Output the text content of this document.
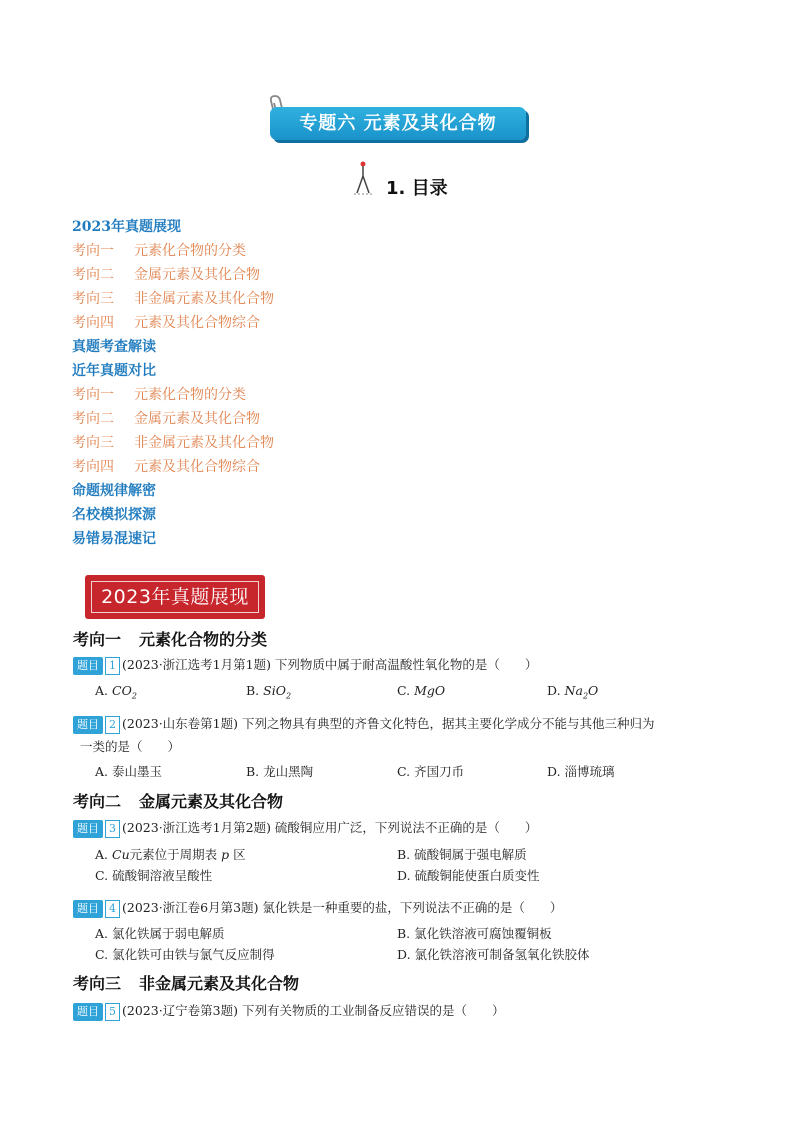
专题六 元素及其化合物
1. 目录
2023年真题展现
考向一 元素化合物的分类
考向二 金属元素及其化合物
考向三 非金属元素及其化合物
考向四 元素及其化合物综合
真题考查解读
近年真题对比
考向一 元素化合物的分类
考向二 金属元素及其化合物
考向三 非金属元素及其化合物
考向四 元素及其化合物综合
命题规律解密
名校模拟探源
易错易混速记
2023年真题展现
考向一 元素化合物的分类
题目 1 (2023·浙江选考1月第1题) 下列物质中属于耐高温酸性氧化物的是（　　）
A. $CO_2$	B. SiO$_2$	C. MgO	D. $Na_2O$
题目 2 (2023·山东卷第1题) 下列之物具有典型的齐鲁文化特色，据其主要化学成分不能与其他三种归为
一类的是（　　）
A. 泰山墨玉	B. 龙山黑陶	C. 齐国刀币	D. 淄博琉璃
考向二 金属元素及其化合物
题目 3 (2023·浙江选考1月第2题) 硫酸铜应用广泛，下列说法不正确的是（　　）
A. Cu元素位于周期表 p 区	B. 硫酸铜属于强电解质
C. 硫酸铜溶液呈酸性	D. 硫酸铜能使蛋白质变性
题目 4 (2023·浙江卷6月第3题) 氯化铁是一种重要的盐，下列说法不正确的是（　　）
A. 氯化铁属于弱电解质	B. 氯化铁溶液可腐蚀覆铜板
C. 氯化铁可由铁与氯气反应制得	D. 氯化铁溶液可制备氢氧化铁胶体
考向三 非金属元素及其化合物
题目 5 (2023·辽宁卷第3题) 下列有关物质的工业制备反应错误的是（　　）
